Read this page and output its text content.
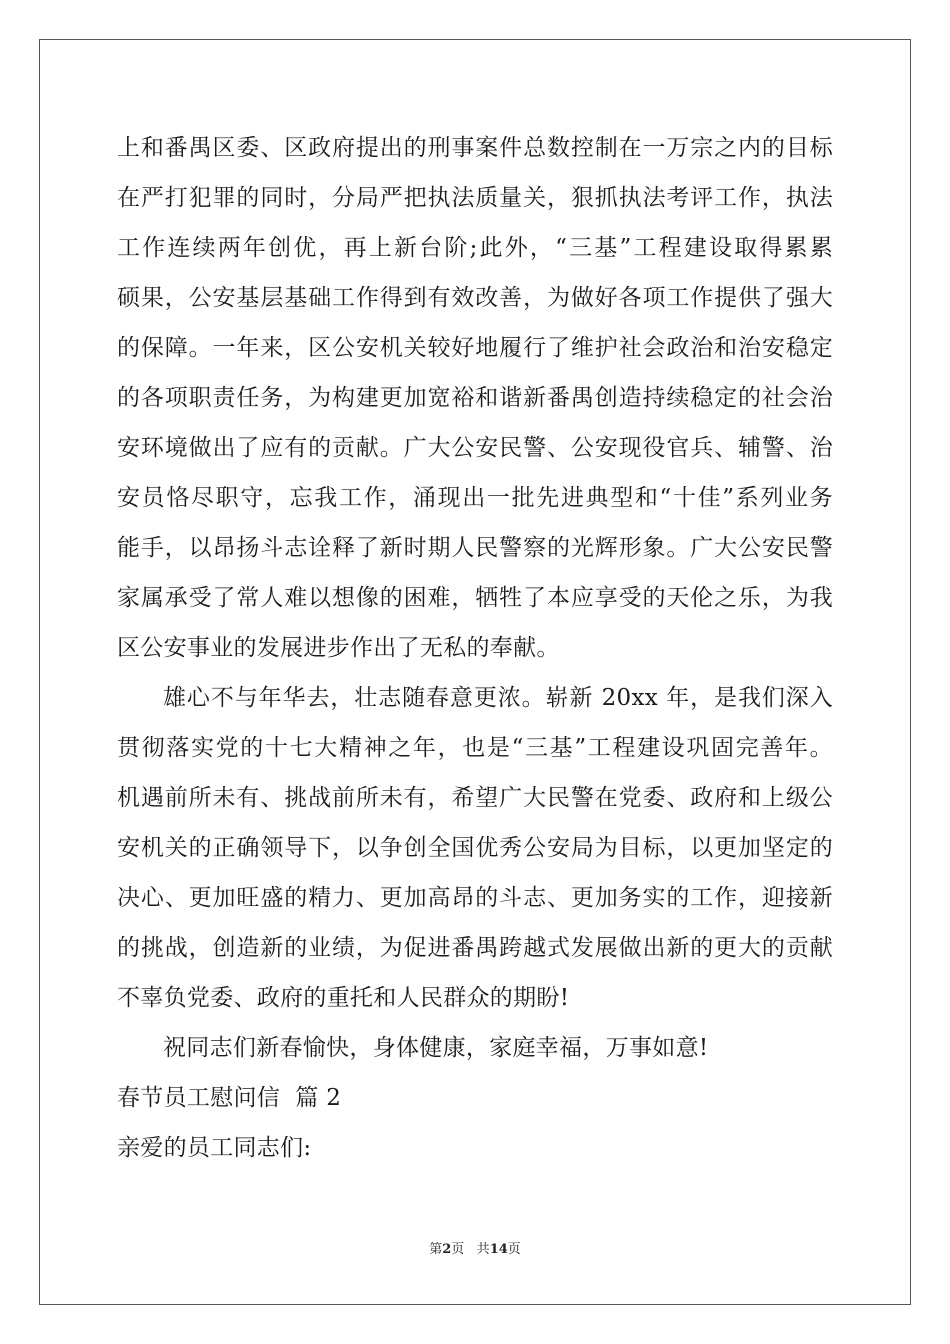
上和番禺区委、区政府提出的刑事案件总数控制在一万宗之内的目标
在严打犯罪的同时，分局严把执法质量关，狠抓执法考评工作，执法
工作连续两年创优，再上新台阶;此外，“三基”工程建设取得累累
硕果，公安基层基础工作得到有效改善，为做好各项工作提供了强大
的保障。一年来，区公安机关较好地履行了维护社会政治和治安稳定
的各项职责任务，为构建更加宽裕和谐新番禺创造持续稳定的社会治
安环境做出了应有的贡献。广大公安民警、公安现役官兵、辅警、治
安员恪尽职守，忘我工作，涌现出一批先进典型和“十佳”系列业务
能手，以昂扬斗志诠释了新时期人民警察的光辉形象。广大公安民警
家属承受了常人难以想像的困难，牺牲了本应享受的天伦之乐，为我
区公安事业的发展进步作出了无私的奉献。
雄心不与年华去，壮志随春意更浓。崭新 20xx 年，是我们深入
贯彻落实党的十七大精神之年，也是“三基”工程建设巩固完善年。
机遇前所未有、挑战前所未有，希望广大民警在党委、政府和上级公
安机关的正确领导下，以争创全国优秀公安局为目标，以更加坚定的
决心、更加旺盛的精力、更加高昂的斗志、更加务实的工作，迎接新
的挑战，创造新的业绩，为促进番禺跨越式发展做出新的更大的贡献
不辜负党委、政府的重托和人民群众的期盼!
祝同志们新春愉快，身体健康，家庭幸福，万事如意!
春节员工慰问信  篇 2
亲爱的员工同志们:
第2页 共14页
